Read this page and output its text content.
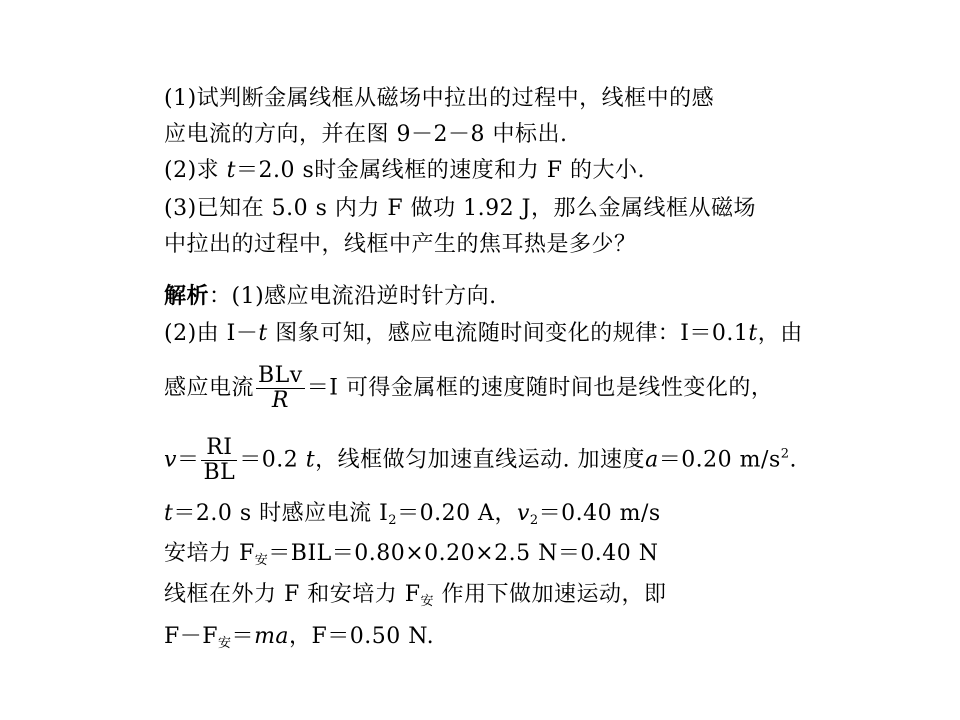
(1)试判断金属线框从磁场中拉出的过程中，线框中的感
应电流的方向，并在图 9－2－8 中标出.
(2)求 t＝2.0 s时金属线框的速度和力 F 的大小.
(3)已知在 5.0 s 内力 F 做功 1.92 J，那么金属线框从磁场
中拉出的过程中，线框中产生的焦耳热是多少？
解析：(1)感应电流沿逆时针方向.
(2)由 I－t 图象可知，感应电流随时间变化的规律：I＝0.1t，由
感应电流 $\frac{\text{BLv}}{R} =I$ 可得金属框的速度随时间也是线性变化的，
$v= \frac{RI}{BL} =0.2$ t，线框做匀加速直线运动. 加速度a＝0.20 $m/s^2$.
t＝2.0 s 时感应电流 $I_2=0.20$ A，$v_2=0.40$ m/s
安培力 $F_安=BIL=0.80\times 0.20\times 2.5$ N＝0.40 N
线框在外力 F 和安培力 $F_安$ 作用下做加速运动，即
$F-F_安=ma$，F＝0.50 N.
